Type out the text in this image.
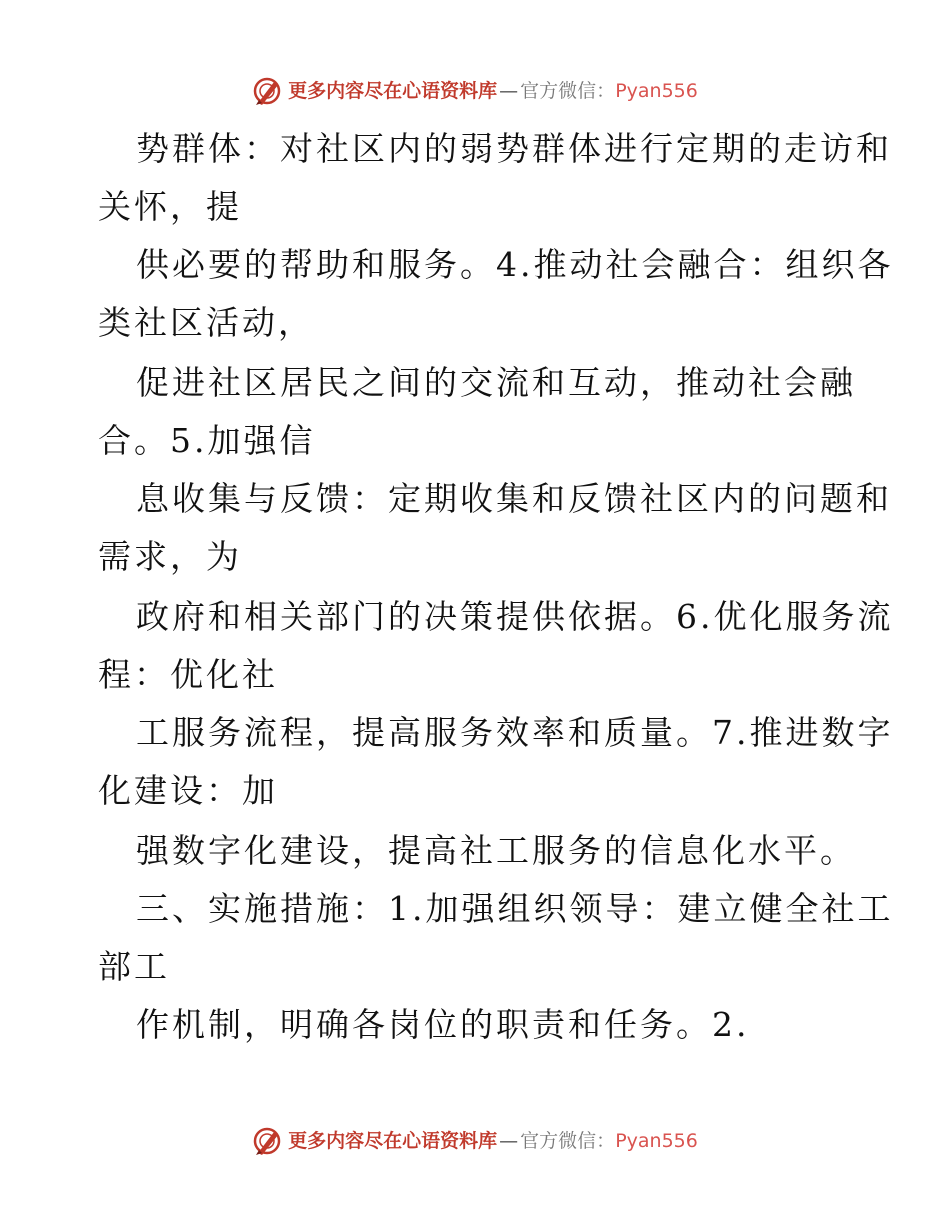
更多内容尽在心语资料库 — 官方微信 ： Pyan556
势群体：对社区内的弱势群体进行定期的走访和
关怀，提
供必要的帮助和服务。4.推动社会融合：组织各
类社区活动，
促进社区居民之间的交流和互动，推动社会融
合。5.加强信
息收集与反馈：定期收集和反馈社区内的问题和
需求，为
政府和相关部门的决策提供依据。6.优化服务流
程：优化社
工服务流程，提高服务效率和质量。7.推进数字
化建设：加
强数字化建设，提高社工服务的信息化水平。
三、实施措施：1.加强组织领导：建立健全社工
部工
作机制，明确各岗位的职责和任务。2.
更多内容尽在心语资料库 — 官方微信 ： Pyan556
